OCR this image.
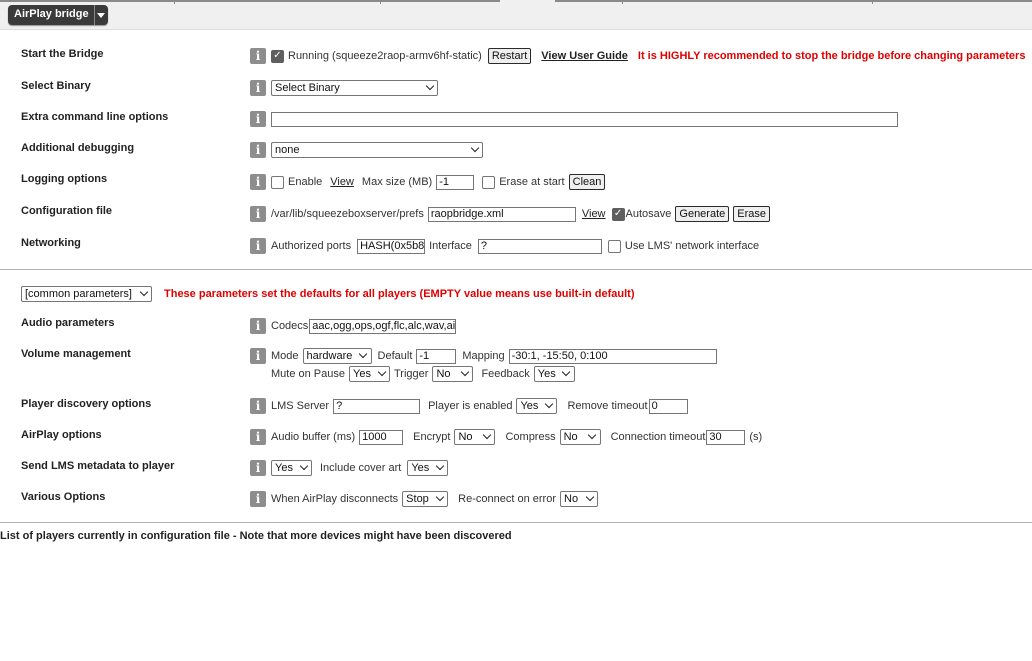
AirPlay bridge
Start the Bridge	i	✓ Running (squeeze2raop-armv6hf-static) Restart	View User Guide It is HIGHLY recommended to stop the bridge before changing parameters
Select Binary	i	Select Binary
Extra command line options	i
Additional debugging	i	none
Logging options	i	Enable View Max size (MB) -1	Erase at start Clean
Configuration file	i /var/lib/squeezeboxserver/prefs raopbridge.xml	View ✓ Autosave Generate	Erase
Networking	i Authorized ports HASH(0x5b8 Interface ?	Use LMS' network interface
[common parameters]	These parameters set the defaults for all players (EMPTY value means use built-in default)
Audio parameters	i Codecs aac,ogg,ops,ogf,flc,alc,wav,ai
Volume management	i Mode hardware Default -1	Mapping -30:1, -15:50, 0:100
Mute on Pause Yes Trigger No	Feedback Yes
Player discovery options	i LMS Server ?	Player is enabled Yes	Remove timeout 0
AirPlay options	i Audio buffer (ms) 1000	Encrypt No	Compress No	Connection timeout 30	(s)
Send LMS metadata to player	i	Yes Include cover art Yes
Various Options	i When AirPlay disconnects Stop	Re-connect on error No
List of players currently in configuration file - Note that more devices might have been discovered
